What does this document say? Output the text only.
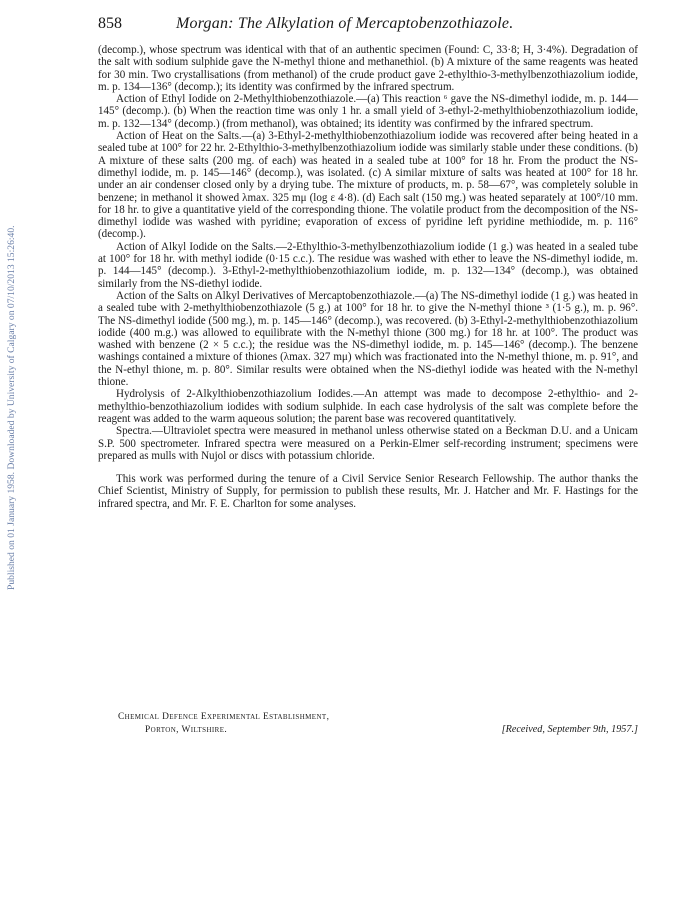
858	Morgan: The Alkylation of Mercaptobenzothiazole.
Published on 01 January 1958. Downloaded by University of Calgary on 07/10/2013 15:26:40.

(decomp.), whose spectrum was identical with that of an authentic specimen (Found: C, 33·8; H, 3·4%). Degradation of the salt with sodium sulphide gave the N-methyl thione and methanethiol. (b) A mixture of the same reagents was heated for 30 min. Two crystallisations (from methanol) of the crude product gave 2-ethylthio-3-methylbenzothiazolium iodide, m. p. 134—136° (decomp.); its identity was confirmed by the infrared spectrum.

Action of Ethyl Iodide on 2-Methylthiobenzothiazole.—(a) This reaction ⁶ gave the NS-dimethyl iodide, m. p. 144—145° (decomp.). (b) When the reaction time was only 1 hr. a small yield of 3-ethyl-2-methylthiobenzothiazolium iodide, m. p. 132—134° (decomp.) (from methanol), was obtained; its identity was confirmed by the infrared spectrum.

Action of Heat on the Salts.—(a) 3-Ethyl-2-methylthiobenzothiazolium iodide was recovered after being heated in a sealed tube at 100° for 22 hr. 2-Ethylthio-3-methylbenzothiazolium iodide was similarly stable under these conditions. (b) A mixture of these salts (200 mg. of each) was heated in a sealed tube at 100° for 18 hr. From the product the NS-dimethyl iodide, m. p. 145—146° (decomp.), was isolated. (c) A similar mixture of salts was heated at 100° for 18 hr. under an air condenser closed only by a drying tube. The mixture of products, m. p. 58—67°, was completely soluble in benzene; in methanol it showed λmax. 325 mμ (log ε 4·8). (d) Each salt (150 mg.) was heated separately at 100°/10 mm. for 18 hr. to give a quantitative yield of the corresponding thione. The volatile product from the decomposition of the NS-dimethyl iodide was washed with pyridine; evaporation of excess of pyridine left pyridine methiodide, m. p. 116° (decomp.).

Action of Alkyl Iodide on the Salts.—2-Ethylthio-3-methylbenzothiazolium iodide (1 g.) was heated in a sealed tube at 100° for 18 hr. with methyl iodide (0·15 c.c.). The residue was washed with ether to leave the NS-dimethyl iodide, m. p. 144—145° (decomp.). 3-Ethyl-2-methylthiobenzothiazolium iodide, m. p. 132—134° (decomp.), was obtained similarly from the NS-diethyl iodide.

Action of the Salts on Alkyl Derivatives of Mercaptobenzothiazole.—(a) The NS-dimethyl iodide (1 g.) was heated in a sealed tube with 2-methylthiobenzothiazole (5 g.) at 100° for 18 hr. to give the N-methyl thione ³ (1·5 g.), m. p. 96°. The NS-dimethyl iodide (500 mg.), m. p. 145—146° (decomp.), was recovered. (b) 3-Ethyl-2-methylthiobenzothiazolium iodide (400 m.g.) was allowed to equilibrate with the N-methyl thione (300 mg.) for 18 hr. at 100°. The product was washed with benzene (2 × 5 c.c.); the residue was the NS-dimethyl iodide, m. p. 145—146° (decomp.). The benzene washings contained a mixture of thiones (λmax. 327 mμ) which was fractionated into the N-methyl thione, m. p. 91°, and the N-ethyl thione, m. p. 80°. Similar results were obtained when the NS-diethyl iodide was heated with the N-methyl thione.

Hydrolysis of 2-Alkylthiobenzothiazolium Iodides.—An attempt was made to decompose 2-ethylthio- and 2-methylthio-benzothiazolium iodides with sodium sulphide. In each case hydrolysis of the salt was complete before the reagent was added to the warm aqueous solution; the parent base was recovered quantitatively.

Spectra.—Ultraviolet spectra were measured in methanol unless otherwise stated on a Beckman D.U. and a Unicam S.P. 500 spectrometer. Infrared spectra were measured on a Perkin-Elmer self-recording instrument; specimens were prepared as mulls with Nujol or discs with potassium chloride.

This work was performed during the tenure of a Civil Service Senior Research Fellowship. The author thanks the Chief Scientist, Ministry of Supply, for permission to publish these results, Mr. J. Hatcher and Mr. F. Hastings for the infrared spectra, and Mr. F. E. Charlton for some analyses.

Chemical Defence Experimental Establishment,
Porton, Wiltshire.	[Received, September 9th, 1957.]
